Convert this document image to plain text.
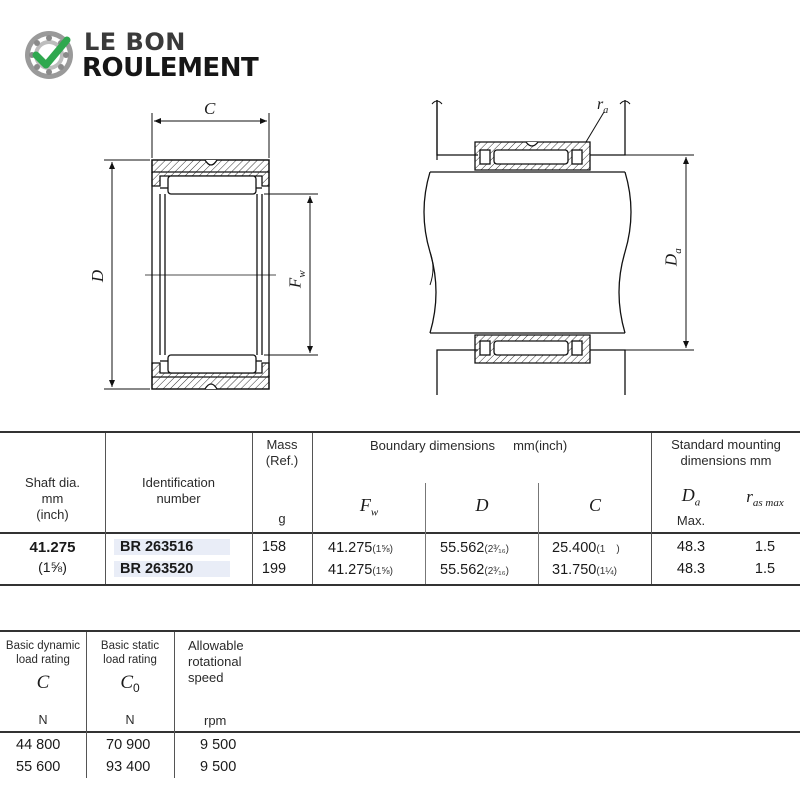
LE BON
ROULEMENT
C
D
$F_w$
$r_a$
$D_a$
Shaft dia.
mm
(inch)
Identification
number
Mass
(Ref.)
g
Boundary dimensions     mm(inch)
$F_w$	D	C
Standard mounting
dimensions mm
$D_a$
Max.
$r_{as max}$
41.275
(1⅝)
BR 263516	158	41.275(1⅝)	55.562(2³⁄₁₆)	25.400(1    )	48.3	1.5
BR 263520	199	41.275(1⅝)	55.562(2³⁄₁₆)	31.750(1¼)	48.3	1.5
Basic dynamic
load rating
C
N
Basic static
load rating
$C_0$
N
Allowable
rotational
speed
rpm
44 800	70 900	9 500
55 600	93 400	9 500
